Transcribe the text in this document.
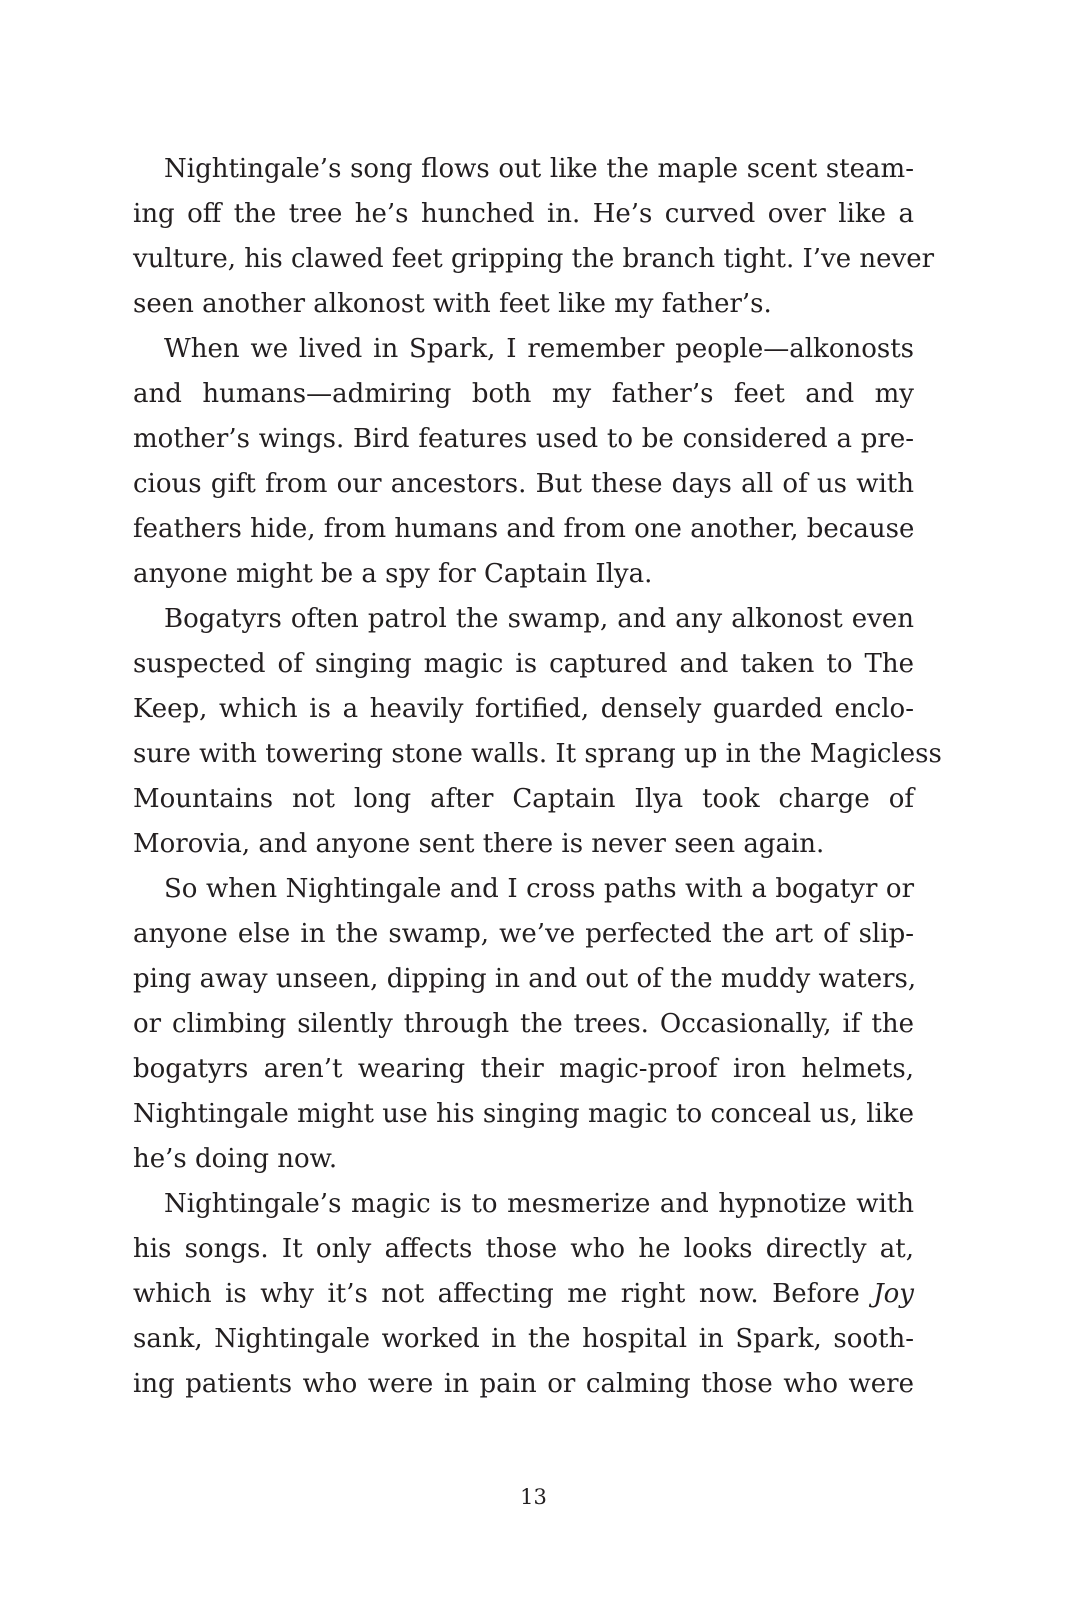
Nightingale’s song flows out like the maple scent steam-
ing off the tree he’s hunched in. He’s curved over like a
vulture, his clawed feet gripping the branch tight. I’ve never
seen another alkonost with feet like my father’s.
When we lived in Spark, I remember people—alkonosts
and humans—admiring both my father’s feet and my
mother’s wings. Bird features used to be considered a pre-
cious gift from our ancestors. But these days all of us with
feathers hide, from humans and from one another, because
anyone might be a spy for Captain Ilya.
Bogatyrs often patrol the swamp, and any alkonost even
suspected of singing magic is captured and taken to The
Keep, which is a heavily fortified, densely guarded enclo-
sure with towering stone walls. It sprang up in the Magicless
Mountains not long after Captain Ilya took charge of
Morovia, and anyone sent there is never seen again.
So when Nightingale and I cross paths with a bogatyr or
anyone else in the swamp, we’ve perfected the art of slip-
ping away unseen, dipping in and out of the muddy waters,
or climbing silently through the trees. Occasionally, if the
bogatyrs aren’t wearing their magic-proof iron helmets,
Nightingale might use his singing magic to conceal us, like
he’s doing now.
Nightingale’s magic is to mesmerize and hypnotize with
his songs. It only affects those who he looks directly at,
which is why it’s not affecting me right now. Before Joy
sank, Nightingale worked in the hospital in Spark, sooth-
ing patients who were in pain or calming those who were
13
